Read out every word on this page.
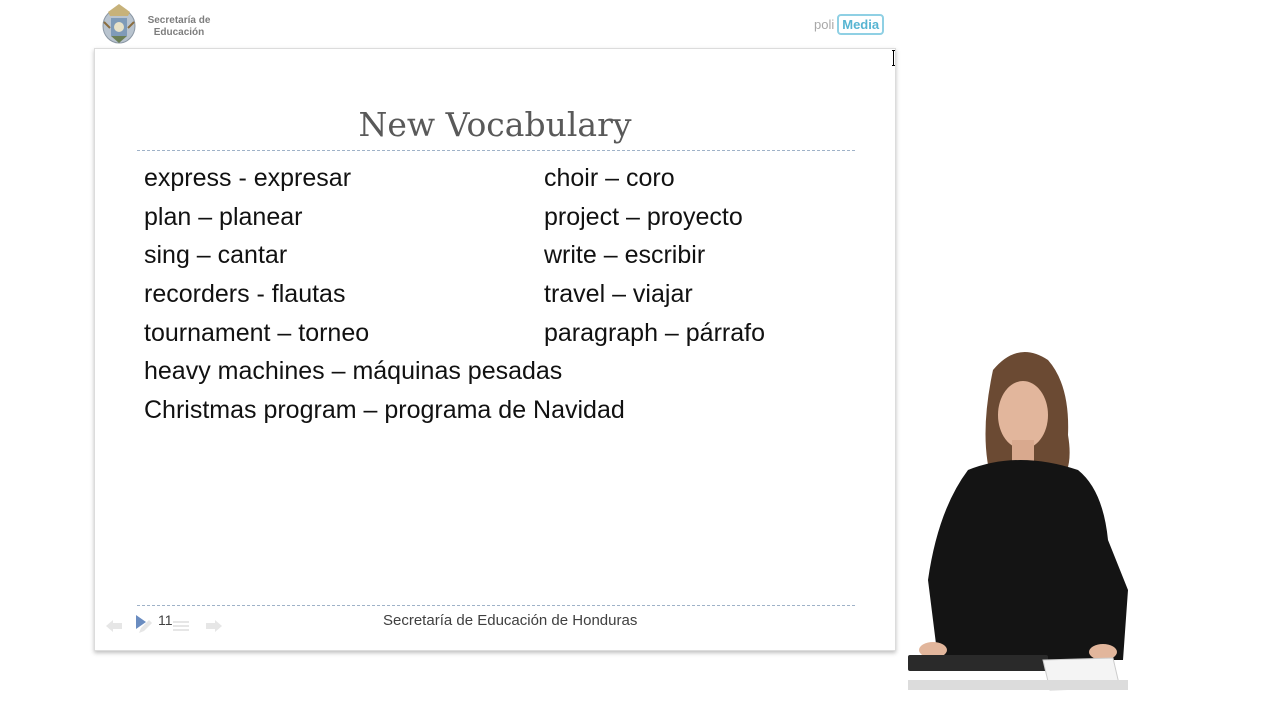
Secretaría de
Educación
poli Media
New Vocabulary
express - expresar
plan – planear
sing – cantar
recorders - flautas
tournament – torneo
heavy machines – máquinas pesadas
Christmas program – programa de Navidad
choir – coro
project – proyecto
write – escribir
travel – viajar
paragraph – párrafo
11	Secretaría de Educación de Honduras
